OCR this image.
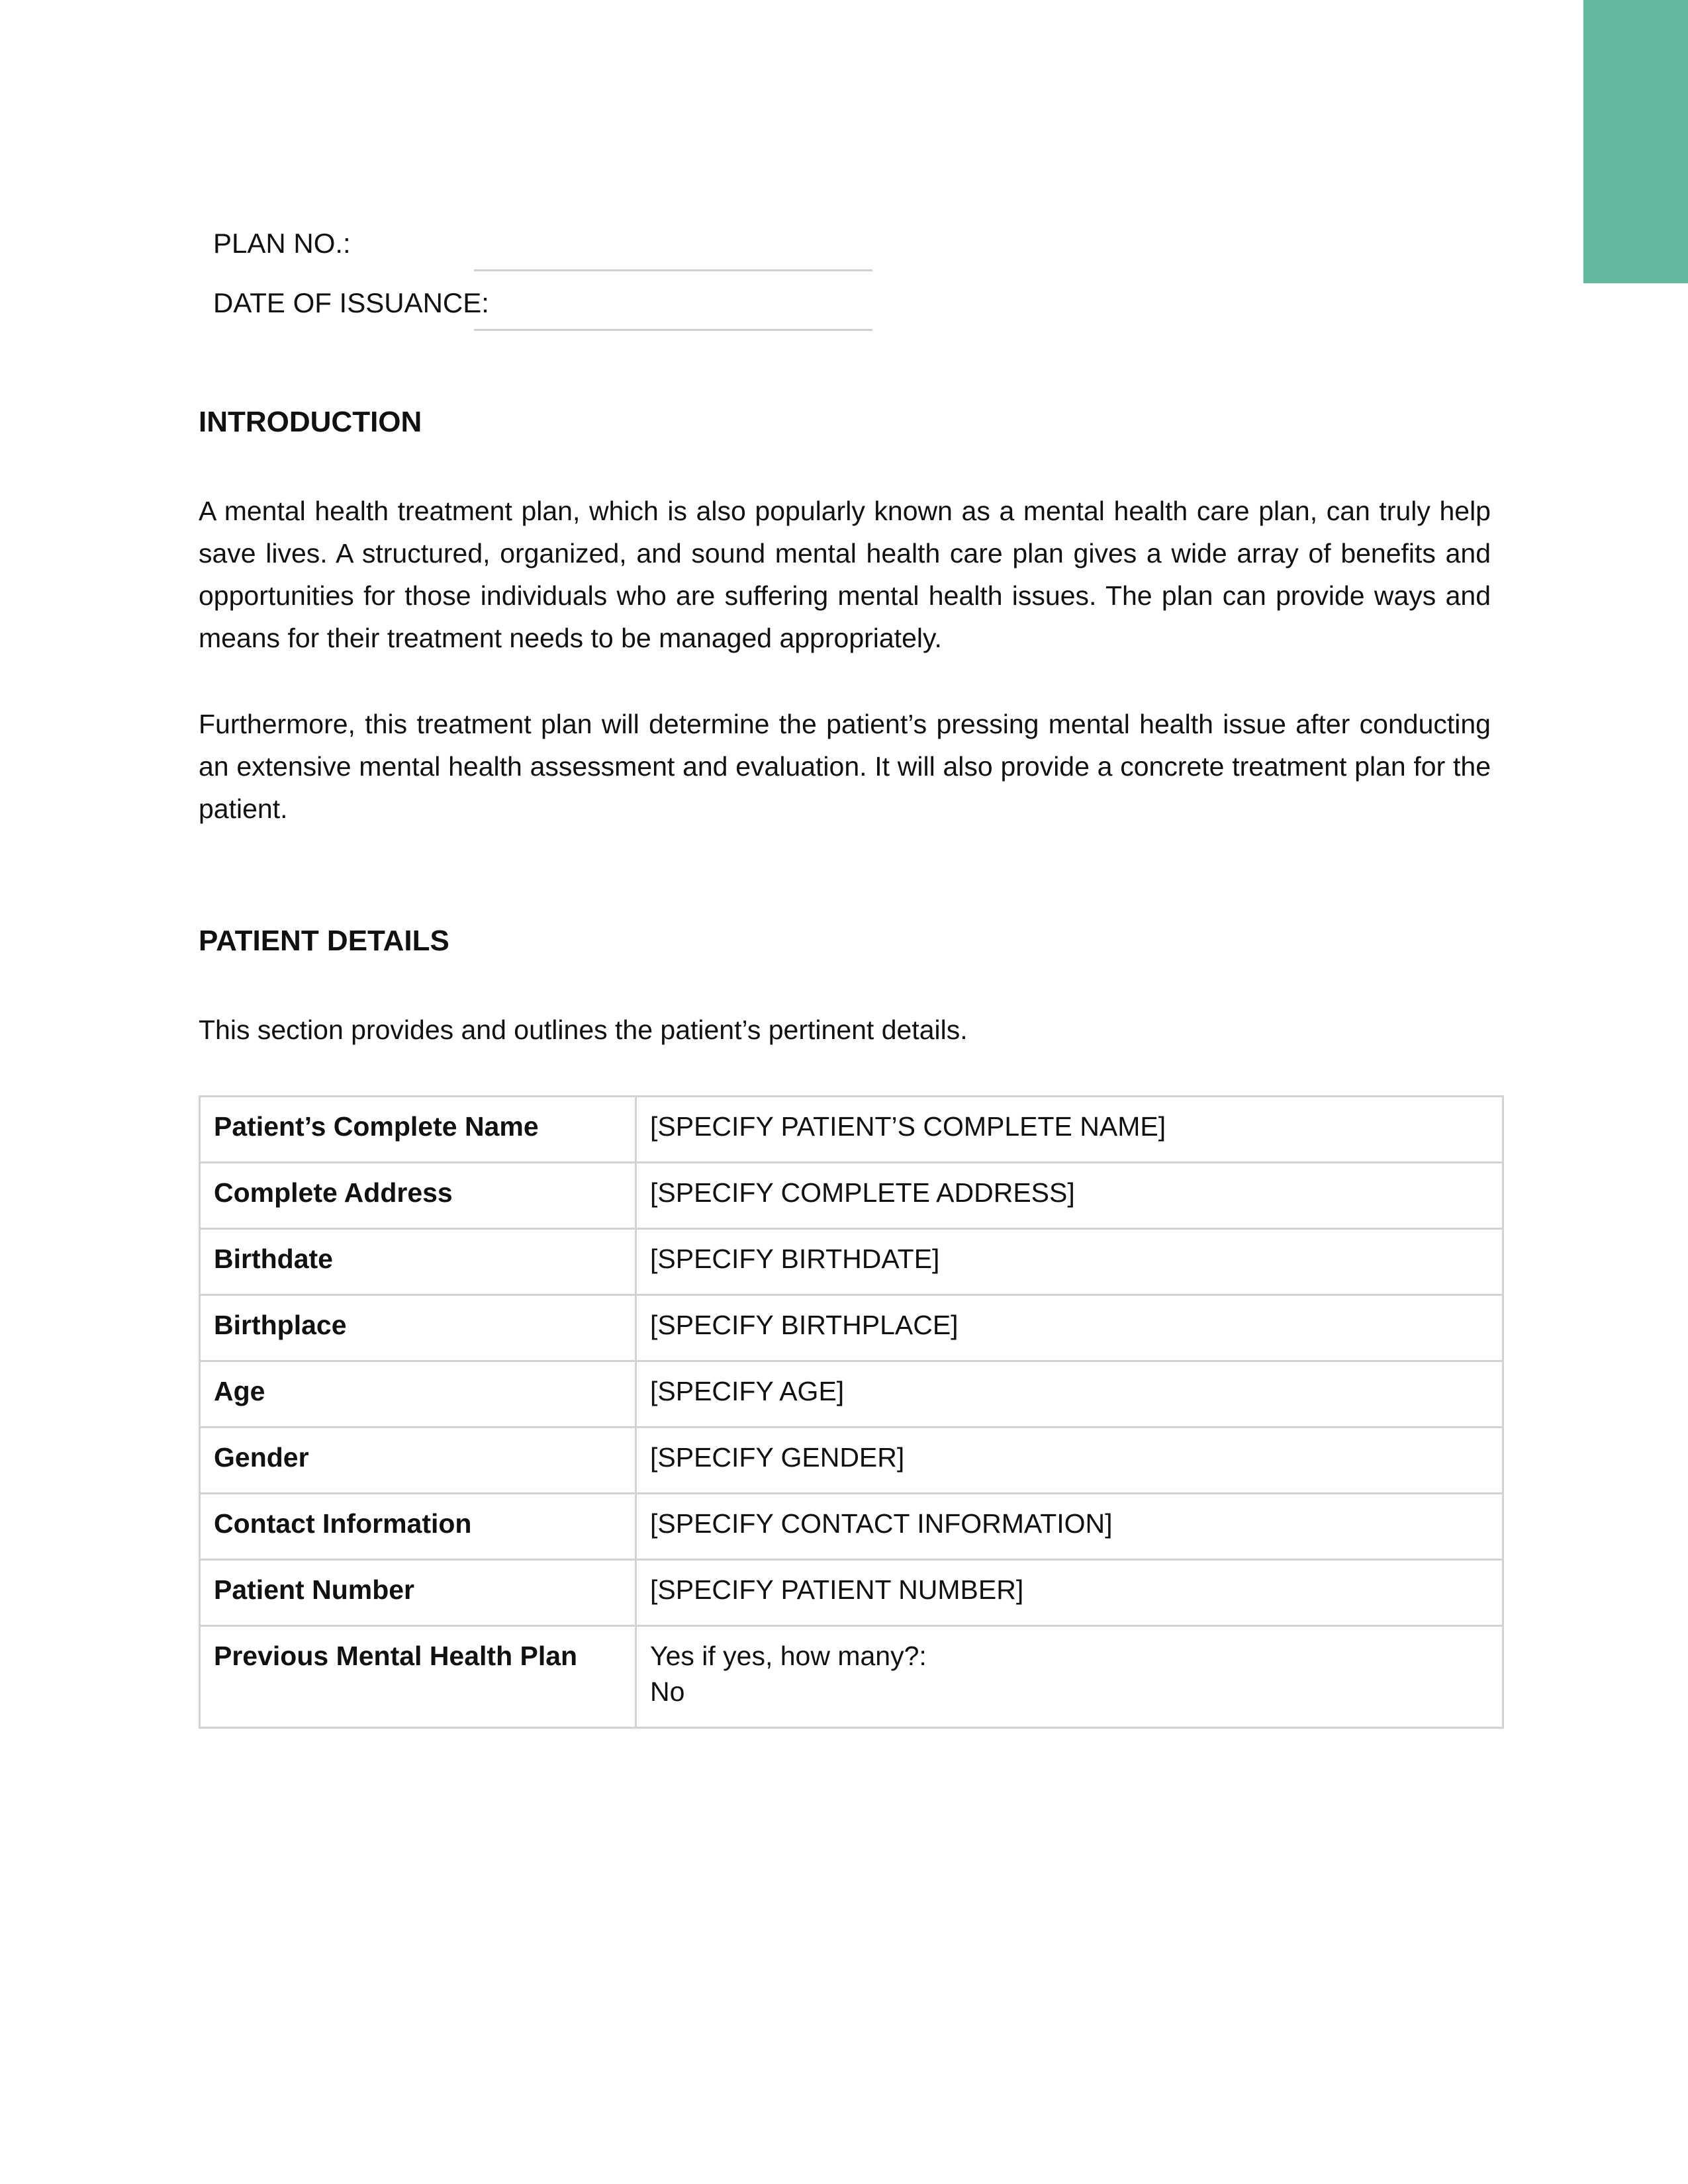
PLAN NO.:
DATE OF ISSUANCE:
INTRODUCTION

A mental health treatment plan, which is also popularly known as a mental health care plan, can truly help save lives. A structured, organized, and sound mental health care plan gives a wide array of benefits and opportunities for those individuals who are suffering mental health issues. The plan can provide ways and means for their treatment needs to be managed appropriately.

Furthermore, this treatment plan will determine the patient’s pressing mental health issue after conducting an extensive mental health assessment and evaluation. It will also provide a concrete treatment plan for the patient.

PATIENT DETAILS

This section provides and outlines the patient’s pertinent details.

Patient’s Complete Name	[SPECIFY PATIENT’S COMPLETE NAME]
Complete Address	[SPECIFY COMPLETE ADDRESS]
Birthdate	[SPECIFY BIRTHDATE]
Birthplace	[SPECIFY BIRTHPLACE]
Age	[SPECIFY AGE]
Gender	[SPECIFY GENDER]
Contact Information	[SPECIFY CONTACT INFORMATION]
Patient Number	[SPECIFY PATIENT NUMBER]
Previous Mental Health Plan	Yes if yes, how many?:
No
